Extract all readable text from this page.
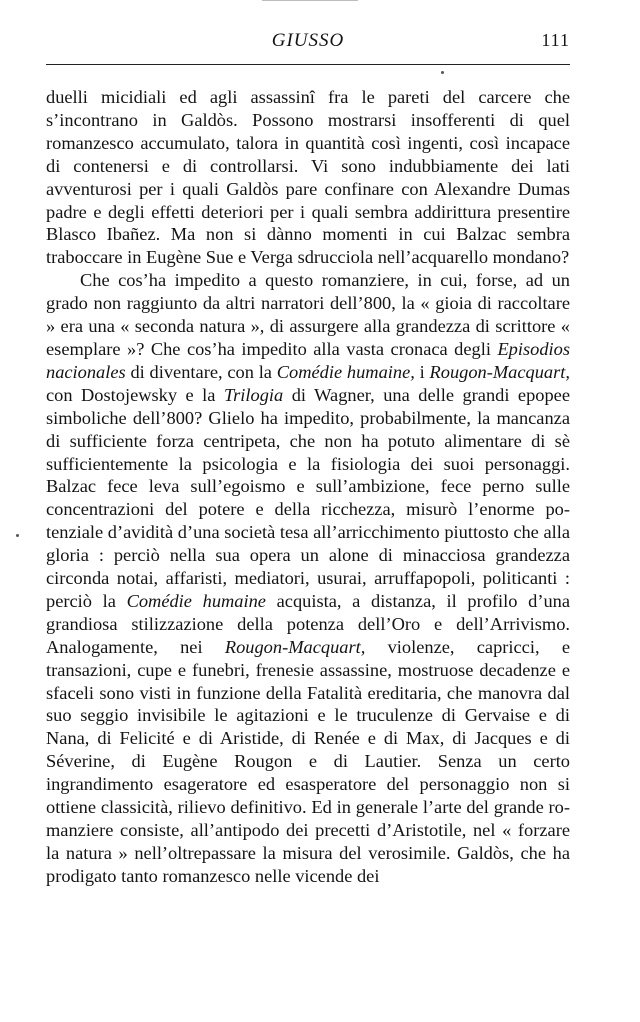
GIUSSO	111

duelli micidiali ed agli assassinî fra le pareti del carcere che s’incontrano in Galdòs. Possono mostrarsi insofferenti di quel romanzesco accumulato, talora in quantità così ingenti, così incapace di contenersi e di controllarsi. Vi sono indubbiamente dei lati avventurosi per i quali Galdòs pare confinare con Alexandre Dumas padre e degli effetti deteriori per i quali sembra addirittura presentire Blasco Ibañez. Ma non si dànno momenti in cui Balzac sembra traboccare in Eugène Sue e Verga sdrucciola nell’acquarello mondano?

Che cos’ha impedito a questo romanziere, in cui, forse, ad un grado non raggiunto da altri narratori dell’800, la « gioia di raccoltare » era una « seconda natura », di assurgere alla grandezza di scrittore « esemplare »? Che cos’ha impedito alla vasta cronaca degli Episodios nacionales di diventare, con la Comédie humaine, i Rougon-Macquart, con Dostojewsky e la Trilogia di Wagner, una delle grandi epopee simboliche dell’800? Glielo ha impedito, probabilmente, la mancanza di sufficiente forza centripeta, che non ha potuto alimentare di sè sufficientemente la psicologia e la fisiologia dei suoi personaggi. Balzac fece leva sull’egoismo e sull’ambizione, fece perno sulle concentrazioni del potere e della ricchezza, misurò l’enorme potenziale d’avidità d’una società tesa all’arricchimento piuttosto che alla gloria : perciò nella sua opera un alone di minacciosa grandezza circonda notai, affaristi, mediatori, usurai, arruffapopoli, politicanti : perciò la Comédie humaine acquista, a distanza, il profilo d’una grandiosa stilizzazione della potenza dell’Oro e dell’Arrivismo. Analogamente, nei Rougon-Macquart, violenze, capricci, e transazioni, cupe e funebri, frenesie assassine, mostruose decadenze e sfaceli sono visti in funzione della Fatalità ereditaria, che manovra dal suo seggio invisibile le agitazioni e le truculenze di Gervaise e di Nana, di Felicité e di Aristide, di Renée e di Max, di Jacques e di Séverine, di Eugène Rougon e di Lautier. Senza un certo ingrandimento esageratore ed esasperatore del personaggio non si ottiene classicità, rilievo definitivo. Ed in generale l’arte del grande romanziere consiste, all’antipodo dei precetti d’Aristotile, nel « forzare la natura » nell’oltrepassare la misura del verosimile. Galdòs, che ha prodigato tanto romanzesco nelle vicende dei
